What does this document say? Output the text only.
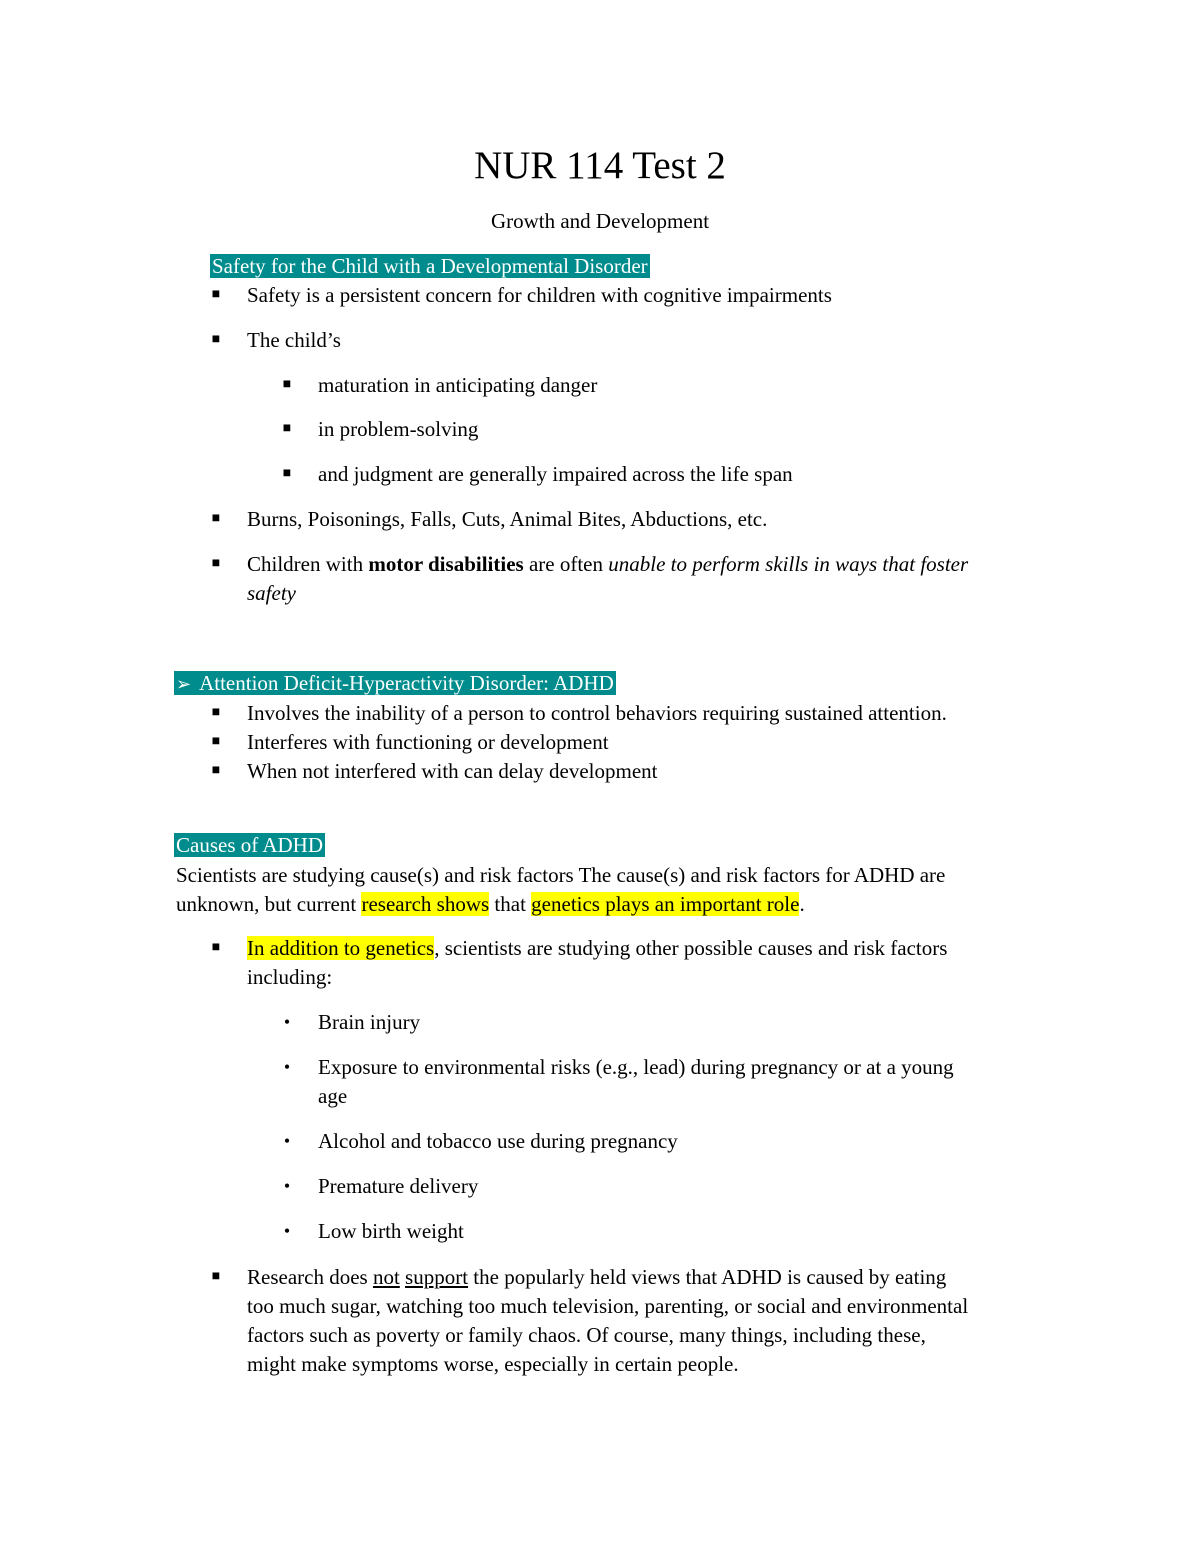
NUR 114 Test 2
Growth and Development
Safety for the Child with a Developmental Disorder
■ Safety is a persistent concern for children with cognitive impairments
■ The child’s
■ maturation in anticipating danger
■ in problem-solving
■ and judgment are generally impaired across the life span
■ Burns, Poisonings, Falls, Cuts, Animal Bites, Abductions, etc.
■ Children with motor disabilities are often unable to perform skills in ways that foster
safety
➢ Attention Deficit-Hyperactivity Disorder: ADHD
■ Involves the inability of a person to control behaviors requiring sustained attention.
■ Interferes with functioning or development
■ When not interfered with can delay development
Causes of ADHD
Scientists are studying cause(s) and risk factors The cause(s) and risk factors for ADHD are
unknown, but current research shows that genetics plays an important role.
■ In addition to genetics, scientists are studying other possible causes and risk factors
including:
• Brain injury
• Exposure to environmental risks (e.g., lead) during pregnancy or at a young
age
• Alcohol and tobacco use during pregnancy
• Premature delivery
• Low birth weight
■ Research does not support the popularly held views that ADHD is caused by eating
too much sugar, watching too much television, parenting, or social and environmental
factors such as poverty or family chaos. Of course, many things, including these,
might make symptoms worse, especially in certain people.
